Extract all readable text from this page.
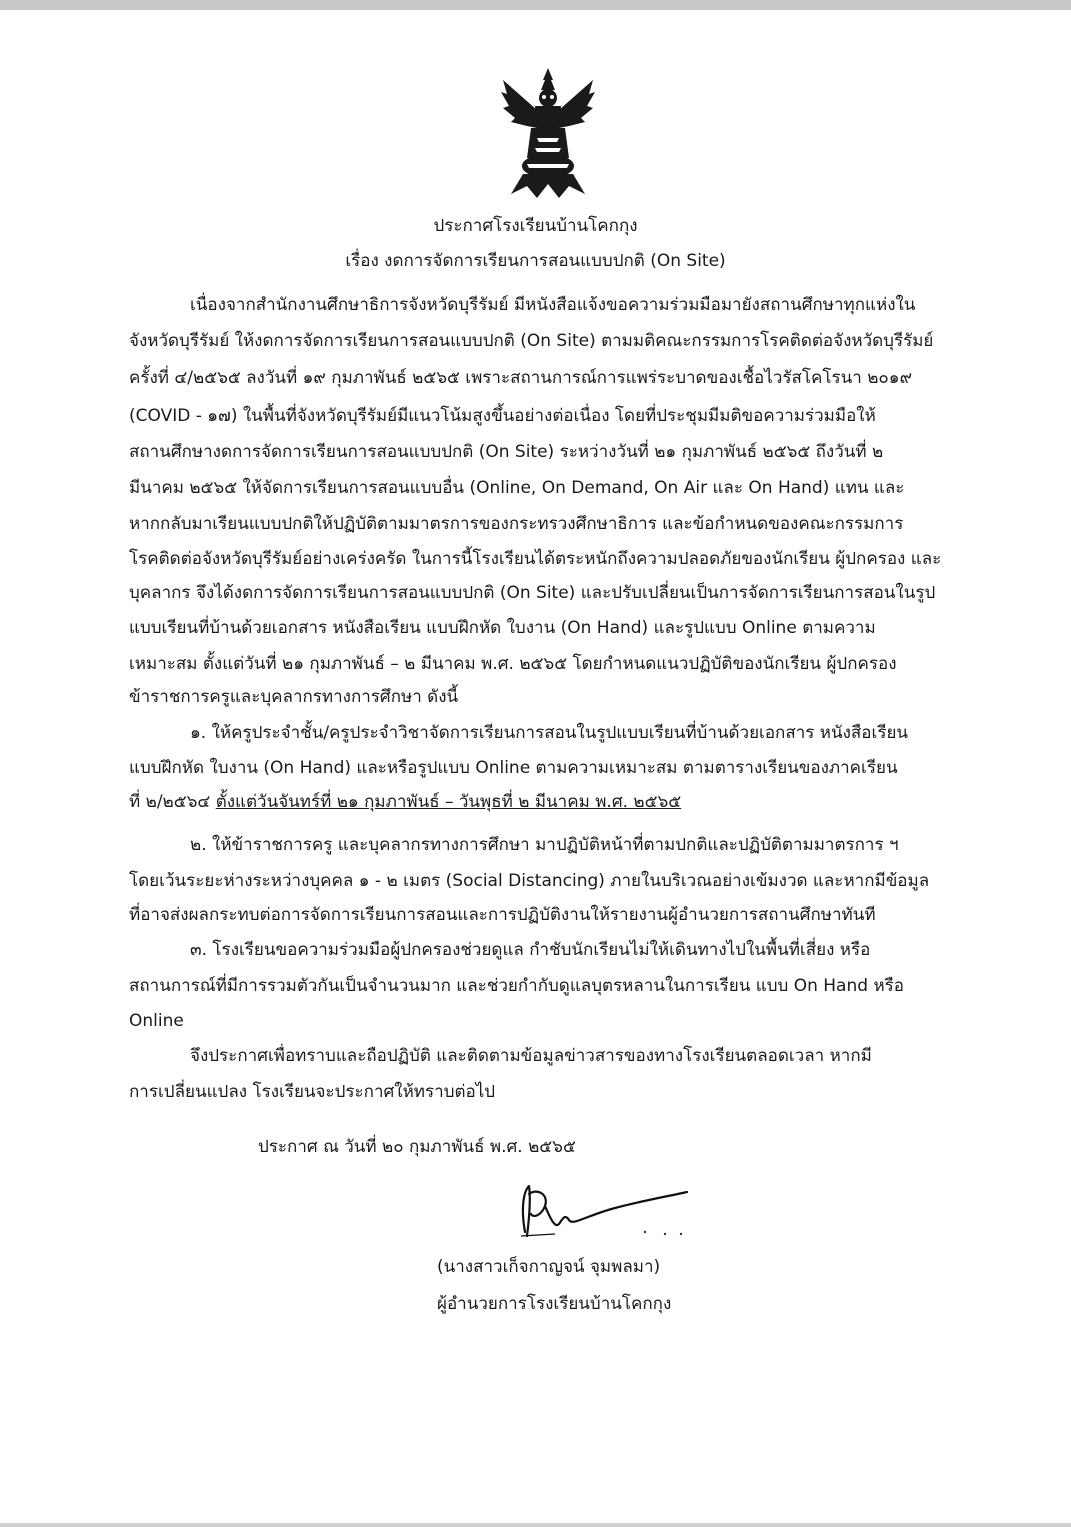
ประกาศโรงเรียนบ้านโคกกุง
เรื่อง งดการจัดการเรียนการสอนแบบปกติ (On Site)
เนื่องจากสำนักงานศึกษาธิการจังหวัดบุรีรัมย์ มีหนังสือแจ้งขอความร่วมมือมายังสถานศึกษาทุกแห่งใน
จังหวัดบุรีรัมย์ ให้งดการจัดการเรียนการสอนแบบปกติ (On Site) ตามมติคณะกรรมการโรคติดต่อจังหวัดบุรีรัมย์
ครั้งที่ ๔/๒๕๖๕ ลงวันที่ ๑๙ กุมภาพันธ์ ๒๕๖๕ เพราะสถานการณ์การแพร่ระบาดของเชื้อไวรัสโคโรนา ๒๐๑๙
(COVID - ๑๗) ในพื้นที่จังหวัดบุรีรัมย์มีแนวโน้มสูงขึ้นอย่างต่อเนื่อง โดยที่ประชุมมีมติขอความร่วมมือให้
สถานศึกษางดการจัดการเรียนการสอนแบบปกติ (On Site) ระหว่างวันที่ ๒๑ กุมภาพันธ์ ๒๕๖๕ ถึงวันที่ ๒
มีนาคม ๒๕๖๕ ให้จัดการเรียนการสอนแบบอื่น (Online, On Demand, On Air และ On Hand) แทน และ
หากกลับมาเรียนแบบปกติให้ปฏิบัติตามมาตรการของกระทรวงศึกษาธิการ และข้อกำหนดของคณะกรรมการ
โรคติดต่อจังหวัดบุรีรัมย์อย่างเคร่งครัด ในการนี้โรงเรียนได้ตระหนักถึงความปลอดภัยของนักเรียน ผู้ปกครอง และ
บุคลากร จึงได้งดการจัดการเรียนการสอนแบบปกติ (On Site) และปรับเปลี่ยนเป็นการจัดการเรียนการสอนในรูป
แบบเรียนที่บ้านด้วยเอกสาร หนังสือเรียน แบบฝึกหัด ใบงาน (On Hand) และรูปแบบ Online ตามความ
เหมาะสม ตั้งแต่วันที่ ๒๑ กุมภาพันธ์ – ๒ มีนาคม พ.ศ. ๒๕๖๕ โดยกำหนดแนวปฏิบัติของนักเรียน ผู้ปกครอง
ข้าราชการครูและบุคลากรทางการศึกษา ดังนี้
๑. ให้ครูประจำชั้น/ครูประจำวิชาจัดการเรียนการสอนในรูปแบบเรียนที่บ้านด้วยเอกสาร หนังสือเรียน
แบบฝึกหัด ใบงาน (On Hand) และหรือรูปแบบ Online ตามความเหมาะสม ตามตารางเรียนของภาคเรียน
ที่ ๒/๒๕๖๔ ตั้งแต่วันจันทร์ที่ ๒๑ กุมภาพันธ์ – วันพุธที่ ๒ มีนาคม พ.ศ. ๒๕๖๕
๒. ให้ข้าราชการครู และบุคลากรทางการศึกษา มาปฏิบัติหน้าที่ตามปกติและปฏิบัติตามมาตรการ ฯ
โดยเว้นระยะห่างระหว่างบุคคล ๑ - ๒ เมตร (Social Distancing) ภายในบริเวณอย่างเข้มงวด และหากมีข้อมูล
ที่อาจส่งผลกระทบต่อการจัดการเรียนการสอนและการปฏิบัติงานให้รายงานผู้อำนวยการสถานศึกษาทันที
๓. โรงเรียนขอความร่วมมือผู้ปกครองช่วยดูแล กำชับนักเรียนไม่ให้เดินทางไปในพื้นที่เสี่ยง หรือ
สถานการณ์ที่มีการรวมตัวกันเป็นจำนวนมาก และช่วยกำกับดูแลบุตรหลานในการเรียน แบบ On Hand หรือ
Online
จึงประกาศเพื่อทราบและถือปฏิบัติ และติดตามข้อมูลข่าวสารของทางโรงเรียนตลอดเวลา หากมี
การเปลี่ยนแปลง โรงเรียนจะประกาศให้ทราบต่อไป
ประกาศ ณ วันที่ ๒๐ กุมภาพันธ์ พ.ศ. ๒๕๖๕
(นางสาวเก็จกาญจน์ จุมพลมา)
ผู้อำนวยการโรงเรียนบ้านโคกกุง
